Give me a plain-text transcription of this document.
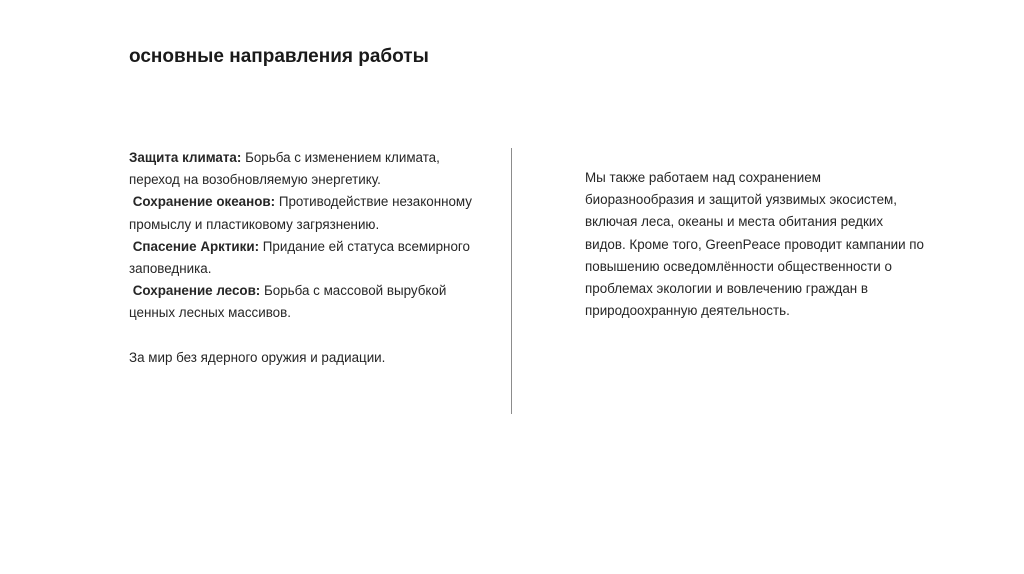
основные направления работы

Защита климата: Борьба с изменением климата, переход на возобновляемую энергетику.

Сохранение океанов: Противодействие незаконному промыслу и пластиковому загрязнению.

Спасение Арктики: Придание ей статуса всемирного заповедника.

Сохранение лесов: Борьба с массовой вырубкой ценных лесных массивов.

За мир без ядерного оружия и радиации.

Мы также работаем над сохранением биоразнообразия и защитой уязвимых экосистем, включая леса, океаны и места обитания редких видов. Кроме того, GreenPeace проводит кампании по повышению осведомлённости общественности о проблемах экологии и вовлечению граждан в природоохранную деятельность.
